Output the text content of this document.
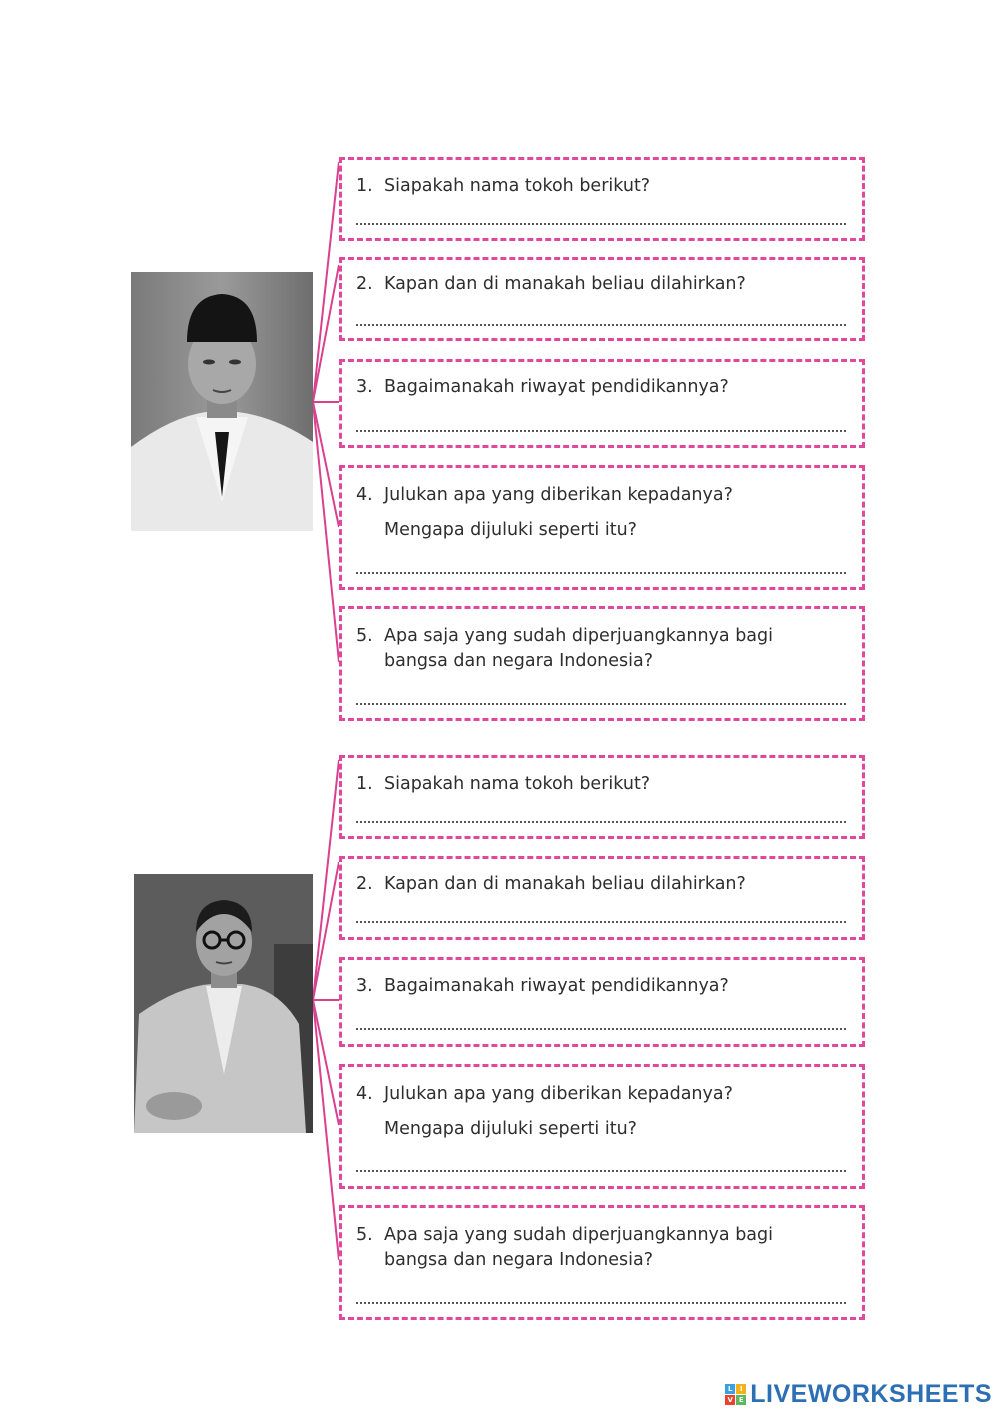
1. Siapakah nama tokoh berikut?
2. Kapan dan di manakah beliau dilahirkan?
3. Bagaimanakah riwayat pendidikannya?
4. Julukan apa yang diberikan kepadanya?
Mengapa dijuluki seperti itu?
5. Apa saja yang sudah diperjuangkannya bagi
bangsa dan negara Indonesia?
1. Siapakah nama tokoh berikut?
2. Kapan dan di manakah beliau dilahirkan?
3. Bagaimanakah riwayat pendidikannya?
4. Julukan apa yang diberikan kepadanya?
Mengapa dijuluki seperti itu?
5. Apa saja yang sudah diperjuangkannya bagi
bangsa dan negara Indonesia?
L	I
V E LIVEWORKSHEETS
